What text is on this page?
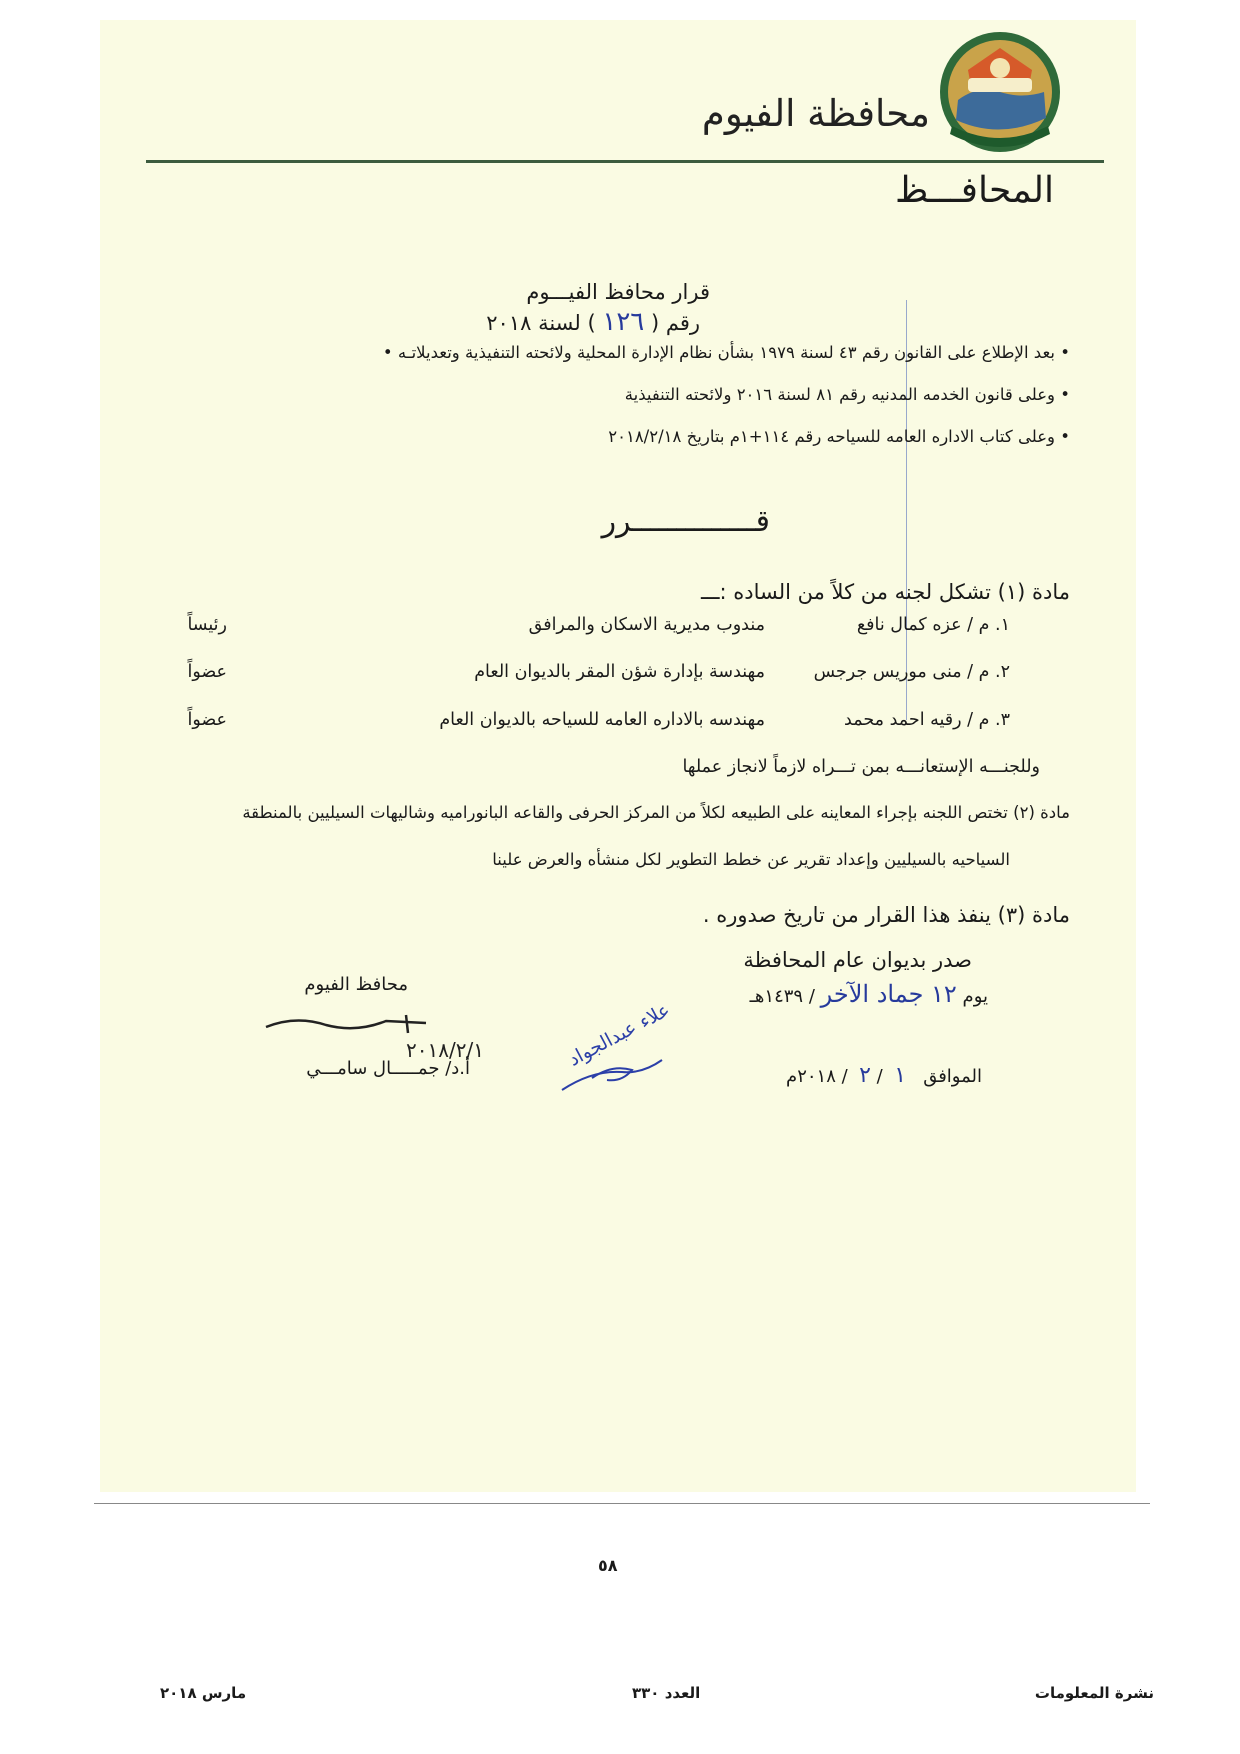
محافظة الفيوم
المحافـــظ
قرار محافظ الفيـــوم
رقم ( ١٢٦ ) لسنة ٢٠١٨
• بعد الإطلاع على القانون رقم ٤٣ لسنة ١٩٧٩ بشأن نظام الإدارة المحلية ولائحته التنفيذية وتعديلاتـه •
• وعلى قانون الخدمه المدنيه رقم ٨١ لسنة ٢٠١٦ ولائحته التنفيذية
• وعلى كتاب الاداره العامه للسياحه رقم ١١٤+١م بتاريخ ٢٠١٨/٢/١٨
قــــــــــــــرر
مادة (١) تشكل لجنه من كلاً من الساده :ـــ
١. م / عزه كمال نافع
مندوب مديرية الاسكان والمرافق
رئيساً
٢. م / منى موريس جرجس
مهندسة بإدارة شؤن المقر بالديوان العام
عضواً
٣. م / رقيه احمد محمد
مهندسه بالاداره العامه للسياحه بالديوان العام
عضواً
وللجنـــه الإستعانـــه بمن تـــراه لازماً لانجاز عملها
مادة (٢) تختص اللجنه بإجراء المعاينه على الطبيعه لكلاً من المركز الحرفى والقاعه البانوراميه وشاليهات السيليين بالمنطقة
السياحيه بالسيليين وإعداد تقرير عن خطط التطوير لكل منشأه والعرض علينا
مادة (٣) ينفذ هذا القرار من تاريخ صدوره .
صدر بديوان عام المحافظة
يوم ١٢ جماد الآخر / ١٤٣٩هـ
الموافق   ١  / ٢  / ٢٠١٨م
علاء عبدالجواد
محافظ الفيوم
٢٠١٨/٢/١
أ.د/ جمـــــال سامـــي
٥٨
نشرة المعلومات
العدد ٣٣٠
مارس ٢٠١٨
